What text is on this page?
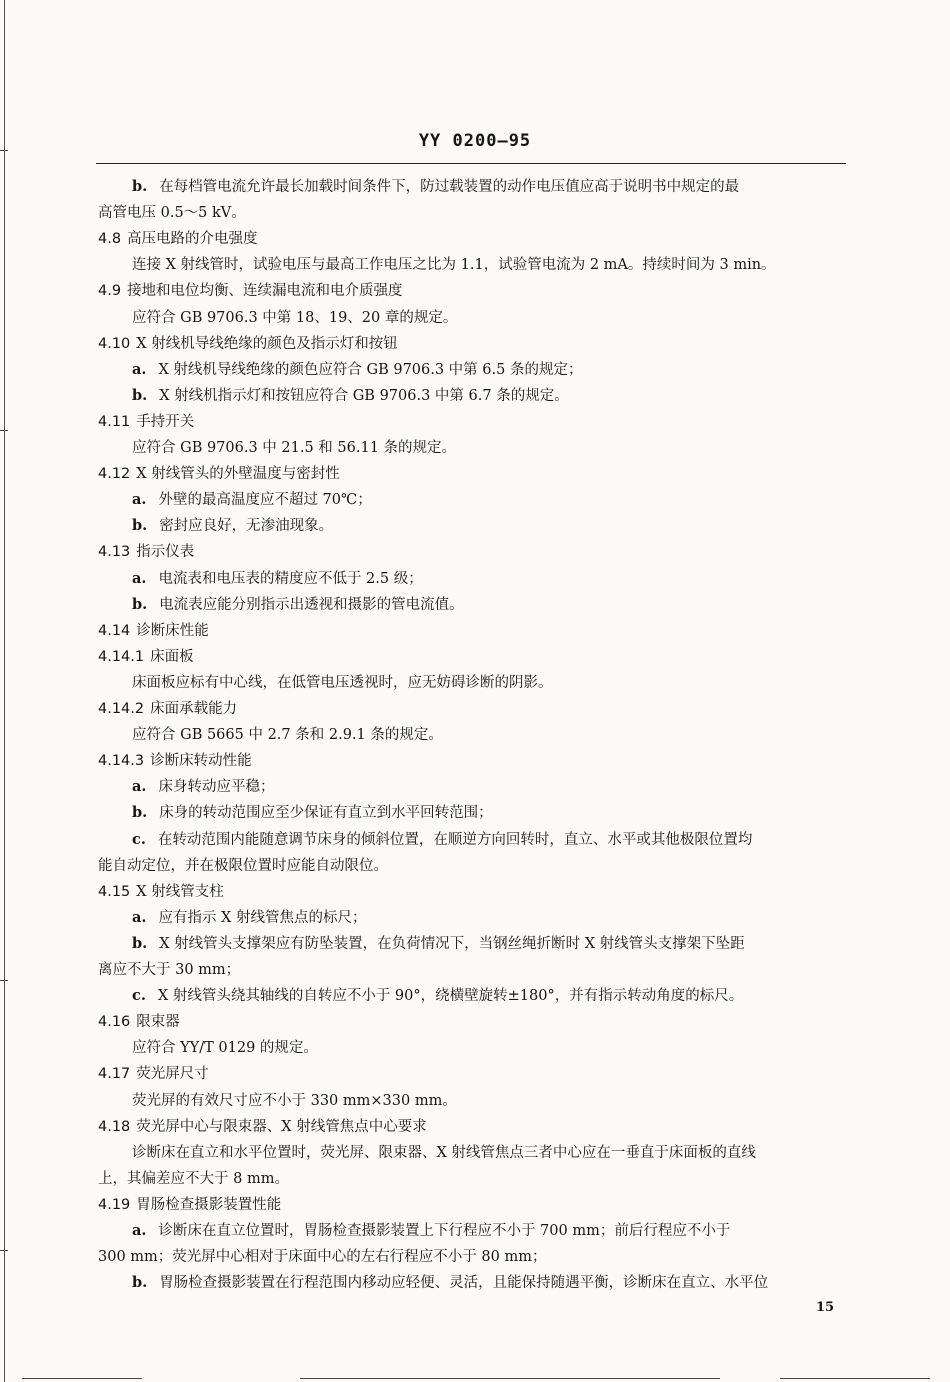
YY 0200—95
b. 在每档管电流允许最长加载时间条件下，防过载装置的动作电压值应高于说明书中规定的最
高管电压 0.5～5 kV。
4.8 高压电路的介电强度
连接 X 射线管时，试验电压与最高工作电压之比为 1.1，试验管电流为 2 mA。持续时间为 3 min。
4.9 接地和电位均衡、连续漏电流和电介质强度
应符合 GB 9706.3 中第 18、19、20 章的规定。
4.10 X 射线机导线绝缘的颜色及指示灯和按钮
a. X 射线机导线绝缘的颜色应符合 GB 9706.3 中第 6.5 条的规定；
b. X 射线机指示灯和按钮应符合 GB 9706.3 中第 6.7 条的规定。
4.11 手持开关
应符合 GB 9706.3 中 21.5 和 56.11 条的规定。
4.12 X 射线管头的外壁温度与密封性
a. 外壁的最高温度应不超过 70℃；
b. 密封应良好，无渗油现象。
4.13 指示仪表
a. 电流表和电压表的精度应不低于 2.5 级；
b. 电流表应能分别指示出透视和摄影的管电流值。
4.14 诊断床性能
4.14.1 床面板
床面板应标有中心线，在低管电压透视时，应无妨碍诊断的阴影。
4.14.2 床面承载能力
应符合 GB 5665 中 2.7 条和 2.9.1 条的规定。
4.14.3 诊断床转动性能
a. 床身转动应平稳；
b. 床身的转动范围应至少保证有直立到水平回转范围；
c. 在转动范围内能随意调节床身的倾斜位置，在顺逆方向回转时，直立、水平或其他极限位置均
能自动定位，并在极限位置时应能自动限位。
4.15 X 射线管支柱
a. 应有指示 X 射线管焦点的标尺；
b. X 射线管头支撑架应有防坠装置，在负荷情况下，当钢丝绳折断时 X 射线管头支撑架下坠距
离应不大于 30 mm；
c. X 射线管头绕其轴线的自转应不小于 90°，绕横壁旋转±180°，并有指示转动角度的标尺。
4.16 限束器
应符合 YY/T 0129 的规定。
4.17 荧光屏尺寸
荧光屏的有效尺寸应不小于 330 mm×330 mm。
4.18 荧光屏中心与限束器、X 射线管焦点中心要求
诊断床在直立和水平位置时，荧光屏、限束器、X 射线管焦点三者中心应在一垂直于床面板的直线
上，其偏差应不大于 8 mm。
4.19 胃肠检查摄影装置性能
a. 诊断床在直立位置时，胃肠检查摄影装置上下行程应不小于 700 mm；前后行程应不小于
300 mm；荧光屏中心相对于床面中心的左右行程应不小于 80 mm；
b. 胃肠检查摄影装置在行程范围内移动应轻便、灵活，且能保持随遇平衡，诊断床在直立、水平位
15
